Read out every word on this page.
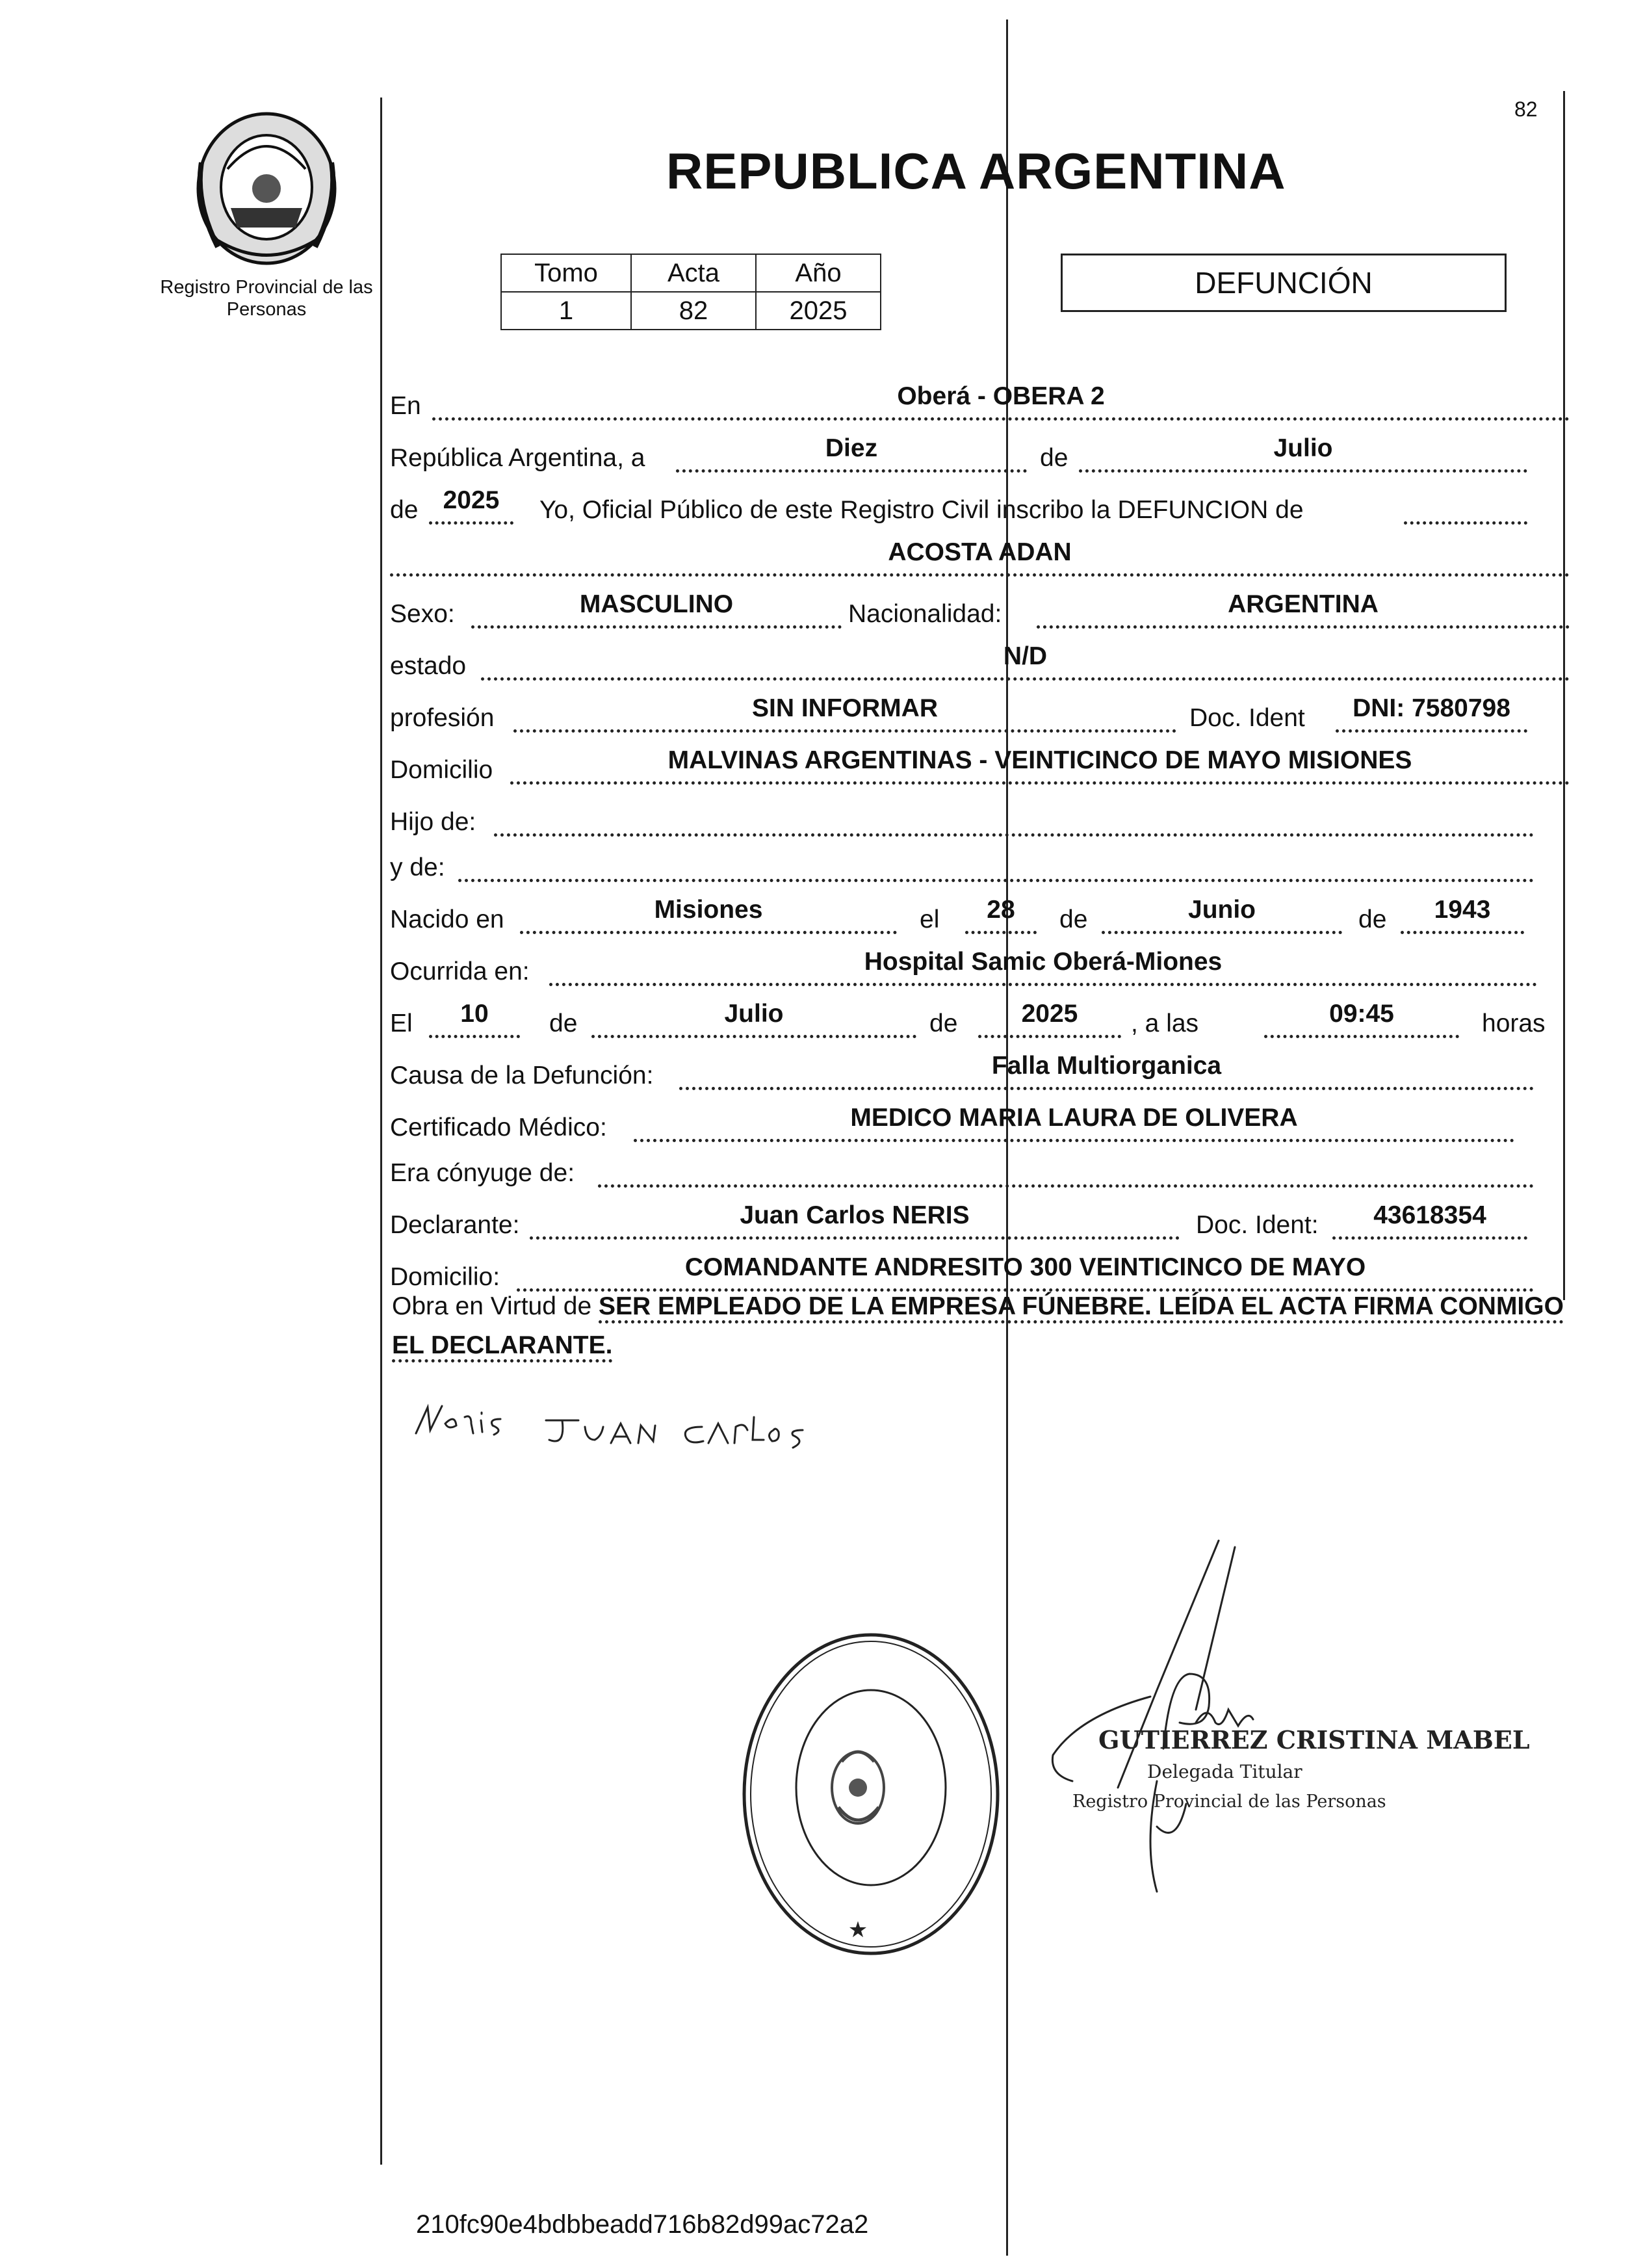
Registro Provincial de las Personas
82
REPUBLICA ARGENTINA
Tomo	Acta	Año
1	82	2025
DEFUNCIÓN
En	Oberá - OBERA 2
República Argentina, a	Diez	de	Julio
de 2025	Yo, Oficial Público de este Registro Civil inscribo la DEFUNCION de
ACOSTA ADAN
Sexo:	MASCULINO	Nacionalidad:	ARGENTINA
estado	N/D
profesión	SIN INFORMAR	Doc. Ident	DNI: 7580798
Domicilio	MALVINAS ARGENTINAS - VEINTICINCO DE MAYO MISIONES
Hijo de:
y de:
Nacido en	Misiones	el	28	de	Junio	de	1943
Ocurrida en:	Hospital Samic Oberá-Miones
El	10	de	Julio	de	2025	, a las	09:45	horas
Causa de la Defunción:	Falla Multiorganica
Certificado Médico:	MEDICO MARIA LAURA DE OLIVERA
Era cónyuge de:
Declarante:	Juan Carlos NERIS	Doc. Ident:	43618354
Domicilio:	COMANDANTE ANDRESITO 300 VEINTICINCO DE MAYO
Obra en Virtud de SER EMPLEADO DE LA EMPRESA FÚNEBRE. LEÍDA EL ACTA FIRMA CONMIGO EL DECLARANTE.
★
GUTIERREZ CRISTINA MABEL
Delegada Titular
Registro Provincial de las Personas
210fc90e4bdbbeadd716b82d99ac72a2
